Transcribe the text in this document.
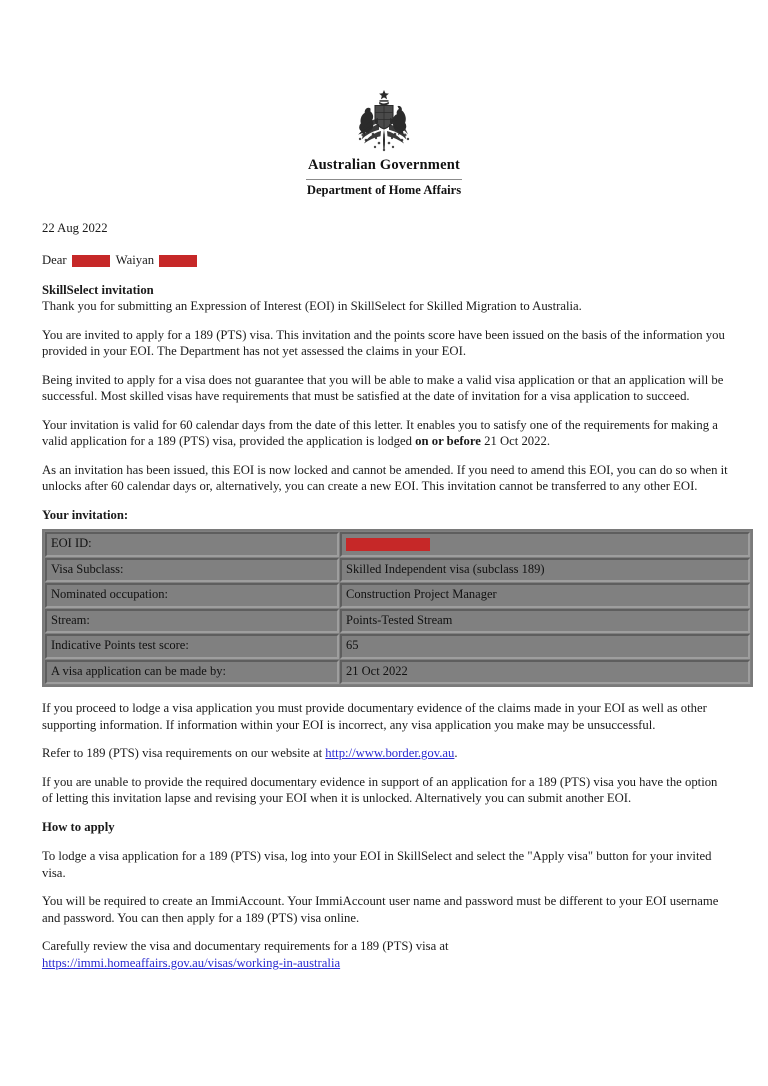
Australian Government
Department of Home Affairs
22 Aug 2022
Dear	Waiyan
SkillSelect invitation

Thank you for submitting an Expression of Interest (EOI) in SkillSelect for Skilled Migration to Australia.

You are invited to apply for a 189 (PTS) visa. This invitation and the points score have been issued on the basis of the information you provided in your EOI. The Department has not yet assessed the claims in your EOI.

Being invited to apply for a visa does not guarantee that you will be able to make a valid visa application or that an application will be successful. Most skilled visas have requirements that must be satisfied at the date of invitation for a visa application to succeed.

Your invitation is valid for 60 calendar days from the date of this letter. It enables you to satisfy one of the requirements for making a valid application for a 189 (PTS) visa, provided the application is lodged on or before 21 Oct 2022.

As an invitation has been issued, this EOI is now locked and cannot be amended. If you need to amend this EOI, you can do so when it unlocks after 60 calendar days or, alternatively, you can create a new EOI. This invitation cannot be transferred to any other EOI.

Your invitation:
EOI ID:	
Visa Subclass:	Skilled Independent visa (subclass 189)
Nominated occupation:	Construction Project Manager
Stream:	Points-Tested Stream
Indicative Points test score:	65
A visa application can be made by:	21 Oct 2022

If you proceed to lodge a visa application you must provide documentary evidence of the claims made in your EOI as well as other supporting information. If information within your EOI is incorrect, any visa application you make may be unsuccessful.

Refer to 189 (PTS) visa requirements on our website at http://www.border.gov.au.

If you are unable to provide the required documentary evidence in support of an application for a 189 (PTS) visa you have the option of letting this invitation lapse and revising your EOI when it is unlocked. Alternatively you can submit another EOI.

How to apply

To lodge a visa application for a 189 (PTS) visa, log into your EOI in SkillSelect and select the "Apply visa" button for your invited visa.

You will be required to create an ImmiAccount. Your ImmiAccount user name and password must be different to your EOI username and password. You can then apply for a 189 (PTS) visa online.

Carefully review the visa and documentary requirements for a 189 (PTS) visa at
https://immi.homeaffairs.gov.au/visas/working-in-australia
